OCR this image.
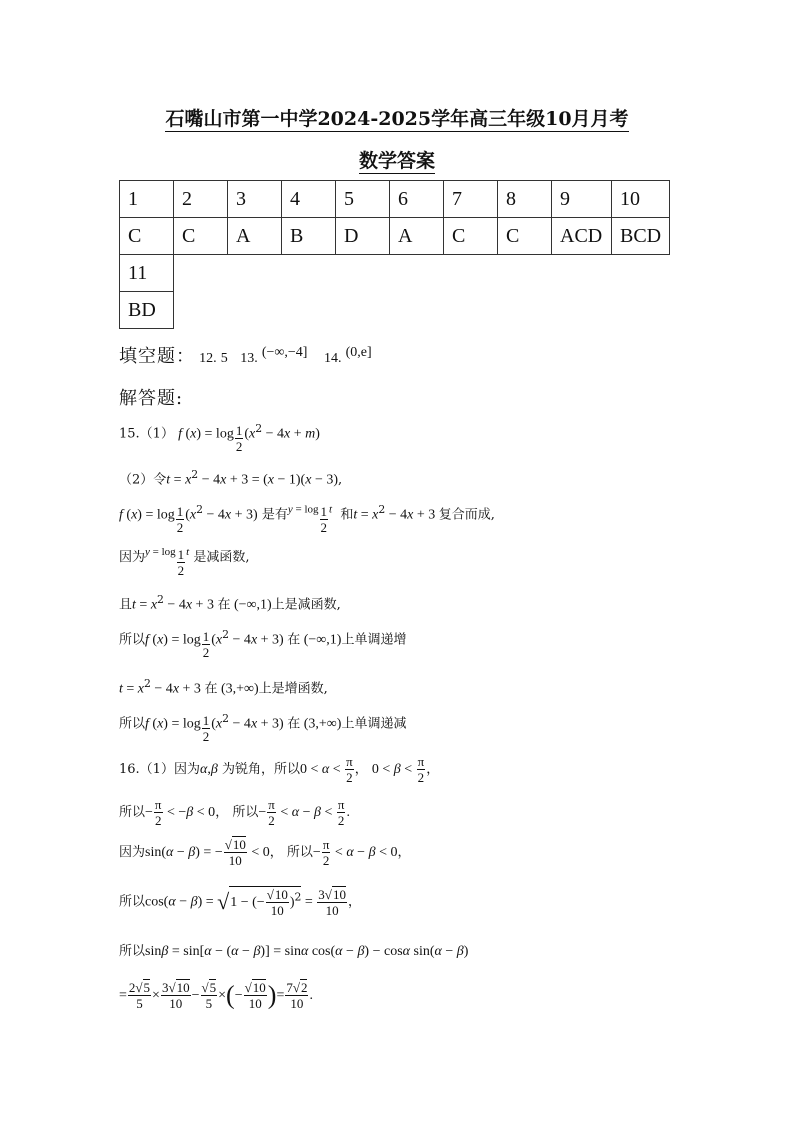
石嘴山市第一中学2024-2025学年高三年级10月月考
数学答案
1	2	3	4	5	6	7	8	9	10
C	C	A	B	D	A	C	C	ACD	BCD
11									
BD									
填空题： 12. 5 13. (−∞,−4] 14. (0,e]
解答题:
15.（1） f (x) = log $_{\frac{1}{2}}$ $(x^2 - 4x + m)$
（2）令$t = x^2 - 4x + 3 = (x - 1)(x - 3)$,
f (x) = log $_{\frac{1}{2}}$ $(x^2 - 4x + 3)$ 是有$^y$ $^{= log}$ $_{\frac{1}{2}}$ $^t$ 和$t = x^2 - 4x + 3$ 复合而成,
因为$^y$ $^{= log}$ $_{\frac{1}{2}}$ $^t$ 是减函数,
且$t = x^2 - 4x + 3$ 在 (−∞,1)上是减函数,
所以f (x) = log $_{\frac{1}{2}}$ $(x^2 - 4x + 3)$ 在 (−∞,1)上单调递增
$t = x^2 - 4x + 3$ 在 (3,+∞)上是增函数,
所以f (x) = log $_{\frac{1}{2}}$ $(x^2 - 4x + 3)$ 在 (3,+∞)上单调递减
16.（1）因为α,β 为锐角，所以$0 < \alpha < \frac{\pi}{2}$ ， $0 < \beta < \frac{\pi}{2}$ ，
所以− $\frac{\pi}{2} < -\beta < 0$， 所以− $\frac{\pi}{2} < \alpha - \beta < \frac{\pi}{2}$ .
因为sin(α − β) = − $\frac{√10}{10} < 0$， 所以− $\frac{\pi}{2} < \alpha - \beta < 0$，
所以cos(α − β) = √1 − (− $\frac{√10}{10} )^2 = \frac{3√10}{10}$ ，
所以sinβ = sin[α − (α − β)] = sinα cos(α − β) − cosα sin(α − β)
= $\frac{2√5}{5} \times \frac{3√10}{10} - \frac{√5}{5}$ ×(− $\frac{√10}{10}$ )= $\frac{7√2}{10}$ .
